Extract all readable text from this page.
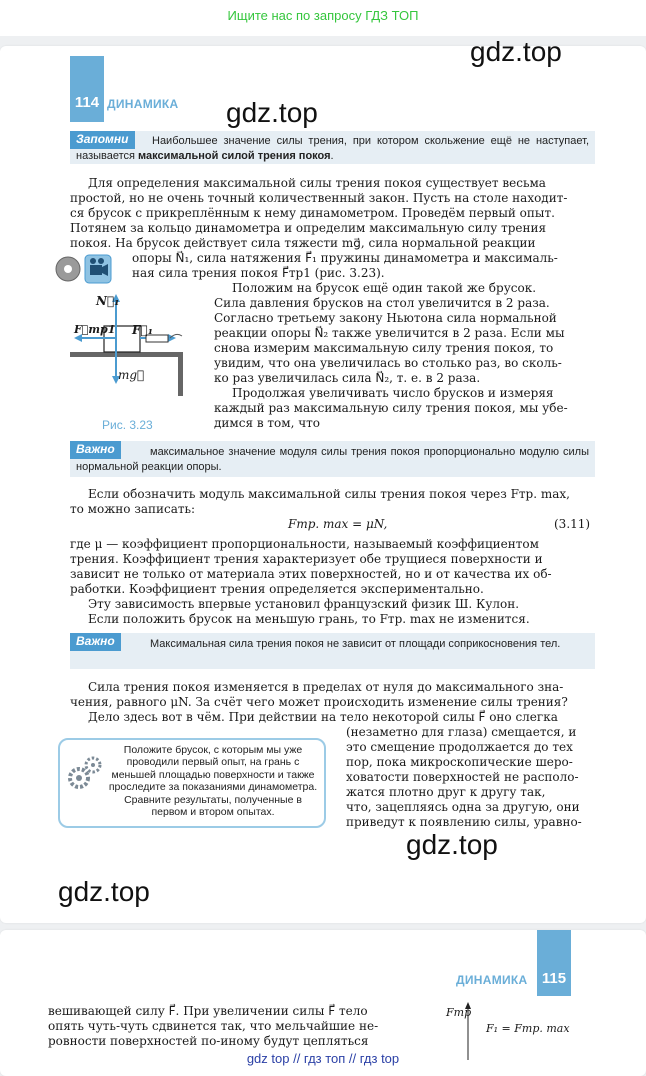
Ищите нас по запросу ГДЗ ТОП
gdz.top
gdz.top
114 ДИНАМИКА
Наибольшее значение силы трения, при котором скольжение ещё не наступает, называется максимальной силой трения покоя.
Запомни
Для определения максимальной силы трения покоя существует весьма
простой, но не очень точный количественный закон. Пусть на столе находит-
ся брусок с прикреплённым к нему динамометром. Проведём первый опыт.
Потянем за кольцо динамометра и определим максимальную силу трения
покоя. На брусок действует сила тяжести mg⃗, сила нормальной реакции
опоры N⃗₁, сила натяжения F⃗₁ пружины динамометра и максималь-
ная сила трения покоя F⃗тр1 (рис. 3.23).
N⃗₁
F⃗тр1 F⃗₁
mg⃗
Рис. 3.23
Положим на брусок ещё один такой же брусок.
Сила давления брусков на стол увеличится в 2 раза.
Согласно третьему закону Ньютона сила нормальной
реакции опоры N⃗₂ также увеличится в 2 раза. Если мы
снова измерим максимальную силу трения покоя, то
увидим, что она увеличилась во столько раз, во сколь-
ко раз увеличилась сила N⃗₂, т. е. в 2 раза.
Продолжая увеличивать число брусков и измеряя
каждый раз максимальную силу трения покоя, мы убе-
димся в том, что
максимальное значение модуля силы трения покоя пропорционально модулю силы нормальной реакции опоры.
Важно
Если обозначить модуль максимальной силы трения покоя через Fтр. max,
то можно записать:
Fтр. max = μN,	(3.11)
где μ — коэффициент пропорциональности, называемый коэффициентом
трения. Коэффициент трения характеризует обе трущиеся поверхности и
зависит не только от материала этих поверхностей, но и от качества их об-
работки. Коэффициент трения определяется экспериментально.
Эту зависимость впервые установил французский физик Ш. Кулон.
Если положить брусок на меньшую грань, то Fтр. max не изменится.
Максимальная сила трения покоя не зависит от площади соприкосновения тел.
Важно
Сила трения покоя изменяется в пределах от нуля до максимального зна-
чения, равного μN. За счёт чего может происходить изменение силы трения?
Дело здесь вот в чём. При действии на тело некоторой силы F⃗ оно слегка
Положите брусок, с которым мы уже проводили первый опыт, на грань с меньшей площадью поверхности и также проследите за показаниями динамометра. Сравните результаты, полученные в первом и втором опытах.
(незаметно для глаза) смещается, и
это смещение продолжается до тех
пор, пока микроскопические шеро-
ховатости поверхностей не располо-
жатся плотно друг к другу так,
что, зацепляясь одна за другую, они
приведут к появлению силы, уравно-
gdz.top
gdz.top
ДИНАМИКА 115
вешивающей силу F⃗. При увеличении силы F⃗ тело
опять чуть-чуть сдвинется так, что мельчайшие не-
ровности поверхностей по-иному будут цепляться
Fтр
F₁ = Fтр. max
gdz top // гдз топ // гдз top
